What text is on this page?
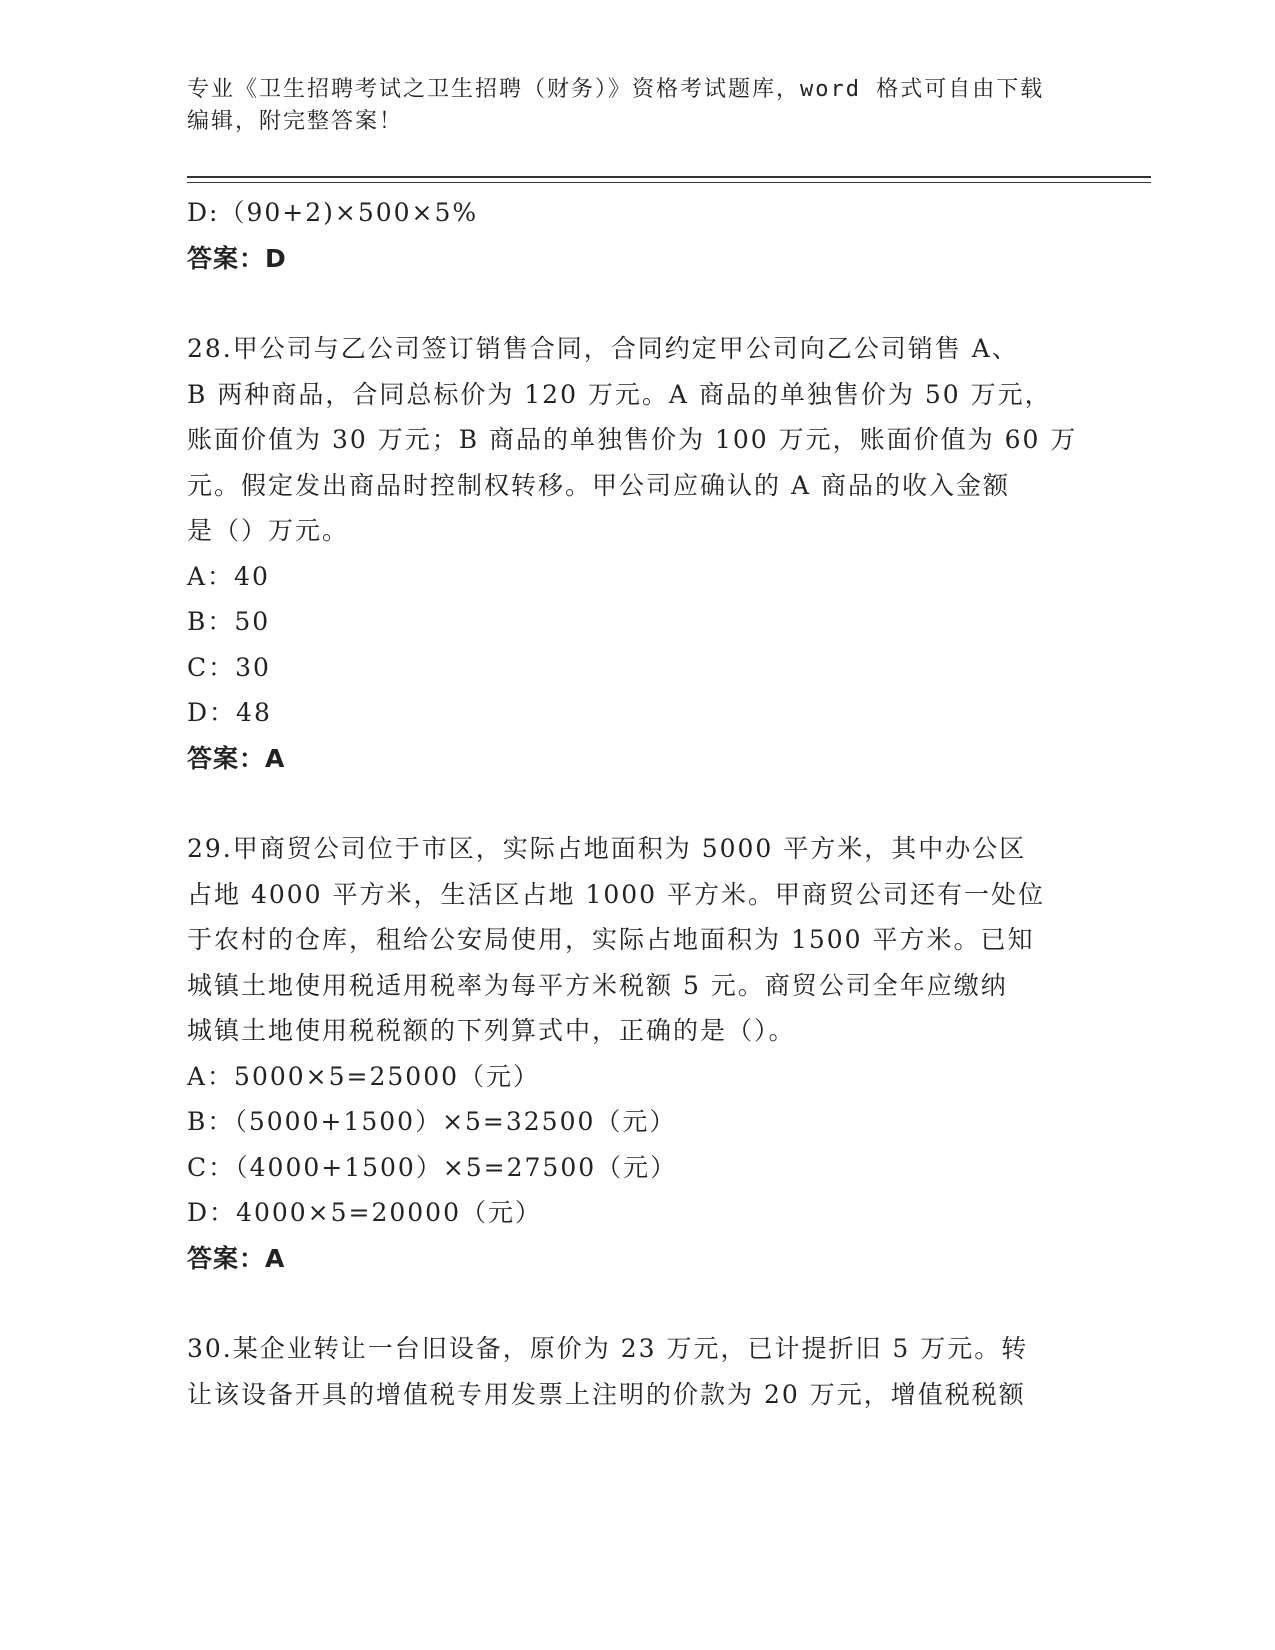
专业《卫生招聘考试之卫生招聘（财务）》资格考试题库，word 格式可自由下载
编辑，附完整答案！
D:（90+2)×500×5%
答案：D
28.甲公司与乙公司签订销售合同，合同约定甲公司向乙公司销售 A、
B 两种商品，合同总标价为 120 万元。A 商品的单独售价为 50 万元，
账面价值为 30 万元；B 商品的单独售价为 100 万元，账面价值为 60 万
元。假定发出商品时控制权转移。甲公司应确认的 A 商品的收入金额
是（）万元。
A：40
B：50
C：30
D：48
答案：A
29.甲商贸公司位于市区，实际占地面积为 5000 平方米，其中办公区
占地 4000 平方米，生活区占地 1000 平方米。甲商贸公司还有一处位
于农村的仓库，租给公安局使用，实际占地面积为 1500 平方米。已知
城镇土地使用税适用税率为每平方米税额 5 元。商贸公司全年应缴纳
城镇土地使用税税额的下列算式中，正确的是（）。
A：5000×5=25000（元）
B：（5000+1500）×5=32500（元）
C：（4000+1500）×5=27500（元）
D：4000×5=20000（元）
答案：A
30.某企业转让一台旧设备，原价为 23 万元，已计提折旧 5 万元。转
让该设备开具的增值税专用发票上注明的价款为 20 万元，增值税税额
